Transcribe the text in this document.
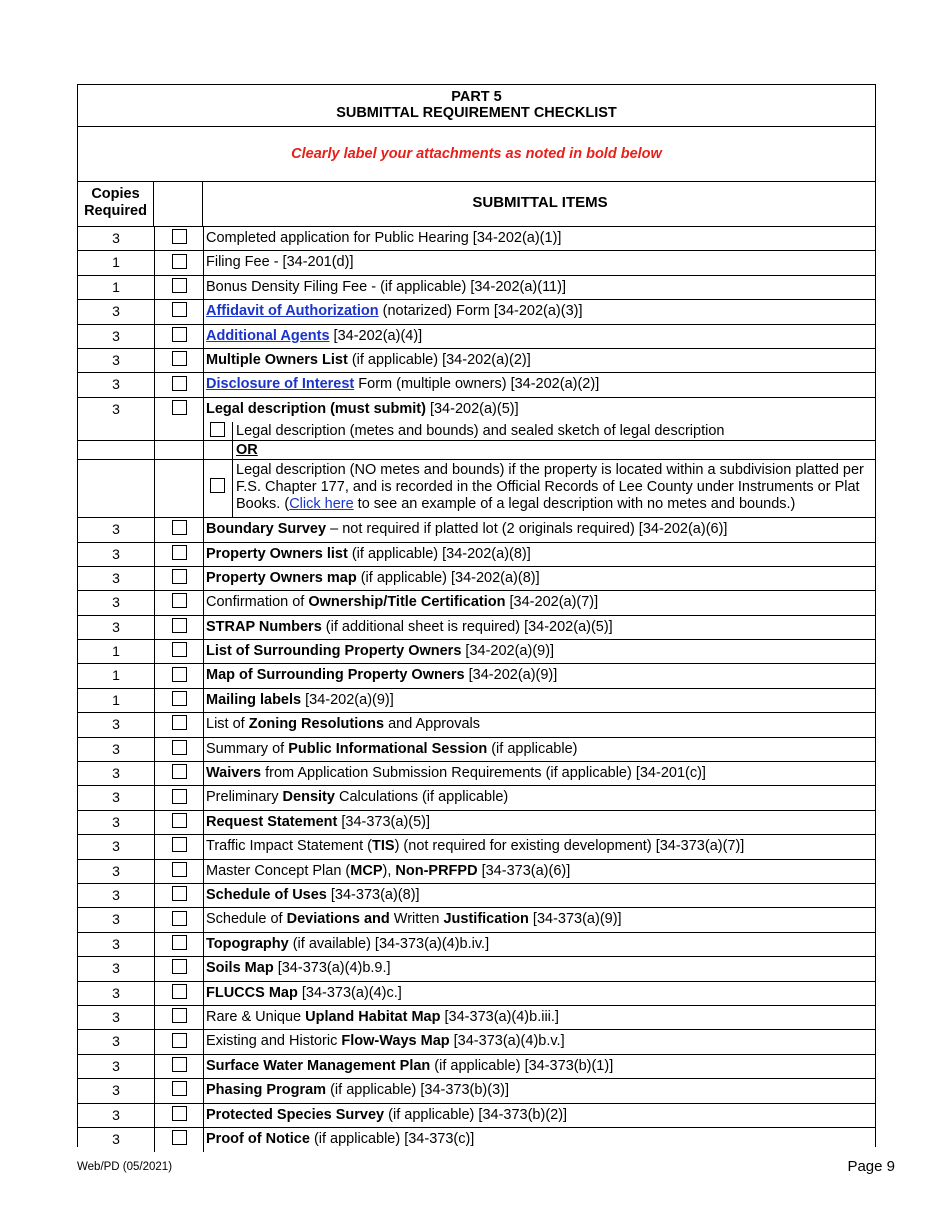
PART 5
SUBMITTAL REQUIREMENT CHECKLIST
Clearly label your attachments as noted in bold below
Copies Required	SUBMITTAL ITEMS
3	Completed application for Public Hearing [34-202(a)(1)]
1	Filing Fee - [34-201(d)]
1	Bonus Density Filing Fee - (if applicable) [34-202(a)(11)]
3	Affidavit of Authorization (notarized) Form [34-202(a)(3)]
3	Additional Agents [34-202(a)(4)]
3	Multiple Owners List (if applicable) [34-202(a)(2)]
3	Disclosure of Interest Form (multiple owners) [34-202(a)(2)]
3	Legal description (must submit) [34-202(a)(5)]
Legal description (metes and bounds) and sealed sketch of legal description
OR
Legal description (NO metes and bounds) if the property is located within a subdivision platted per F.S. Chapter 177, and is recorded in the Official Records of Lee County under Instruments or Plat Books. (Click here to see an example of a legal description with no metes and bounds.)
3	Boundary Survey – not required if platted lot (2 originals required) [34-202(a)(6)]
3	Property Owners list (if applicable) [34-202(a)(8)]
3	Property Owners map (if applicable) [34-202(a)(8)]
3	Confirmation of Ownership/Title Certification [34-202(a)(7)]
3	STRAP Numbers (if additional sheet is required) [34-202(a)(5)]
1	List of Surrounding Property Owners [34-202(a)(9)]
1	Map of Surrounding Property Owners [34-202(a)(9)]
1	Mailing labels [34-202(a)(9)]
3	List of Zoning Resolutions and Approvals
3	Summary of Public Informational Session (if applicable)
3	Waivers from Application Submission Requirements (if applicable) [34-201(c)]
3	Preliminary Density Calculations (if applicable)
3	Request Statement [34-373(a)(5)]
3	Traffic Impact Statement (TIS) (not required for existing development) [34-373(a)(7)]
3	Master Concept Plan (MCP), Non-PRFPD [34-373(a)(6)]
3	Schedule of Uses [34-373(a)(8)]
3	Schedule of Deviations and Written Justification [34-373(a)(9)]
3	Topography (if available) [34-373(a)(4)b.iv.]
3	Soils Map [34-373(a)(4)b.9.]
3	FLUCCS Map [34-373(a)(4)c.]
3	Rare & Unique Upland Habitat Map [34-373(a)(4)b.iii.]
3	Existing and Historic Flow-Ways Map [34-373(a)(4)b.v.]
3	Surface Water Management Plan (if applicable) [34-373(b)(1)]
3	Phasing Program (if applicable) [34-373(b)(3)]
3	Protected Species Survey (if applicable) [34-373(b)(2)]
3	Proof of Notice (if applicable) [34-373(c)]
Web/PD (05/2021)	Page 9
